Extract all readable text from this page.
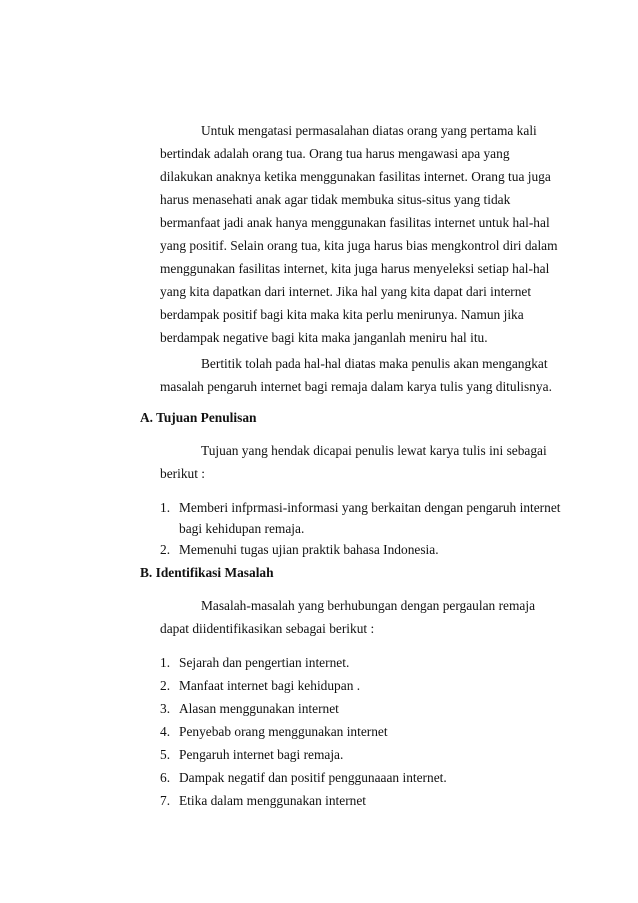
Untuk mengatasi permasalahan diatas orang yang pertama kali
bertindak adalah orang tua. Orang tua harus mengawasi apa yang
dilakukan anaknya ketika menggunakan fasilitas internet. Orang tua juga
harus menasehati anak agar tidak membuka situs-situs yang tidak
bermanfaat jadi anak hanya menggunakan fasilitas internet untuk hal-hal
yang positif. Selain orang tua, kita juga harus bias mengkontrol diri dalam
menggunakan fasilitas internet, kita juga harus menyeleksi setiap hal-hal
yang kita dapatkan dari internet. Jika hal yang kita dapat dari internet
berdampak positif bagi kita maka kita perlu menirunya. Namun jika
berdampak negative bagi kita maka janganlah meniru hal itu.
Bertitik tolah pada hal-hal diatas maka penulis akan mengangkat
masalah pengaruh internet bagi remaja dalam karya tulis yang ditulisnya.
A. Tujuan Penulisan
Tujuan yang hendak dicapai penulis lewat karya tulis ini sebagai
berikut :
1. Memberi infprmasi-informasi yang berkaitan dengan pengaruh internet
bagi kehidupan remaja.
2. Memenuhi tugas ujian praktik bahasa Indonesia.
B. Identifikasi Masalah
Masalah-masalah yang berhubungan dengan pergaulan remaja
dapat diidentifikasikan sebagai berikut :
1. Sejarah dan pengertian internet.
2. Manfaat internet bagi kehidupan .
3. Alasan menggunakan internet
4. Penyebab orang menggunakan internet
5. Pengaruh internet bagi remaja.
6. Dampak negatif dan positif penggunaaan internet.
7. Etika dalam menggunakan internet
